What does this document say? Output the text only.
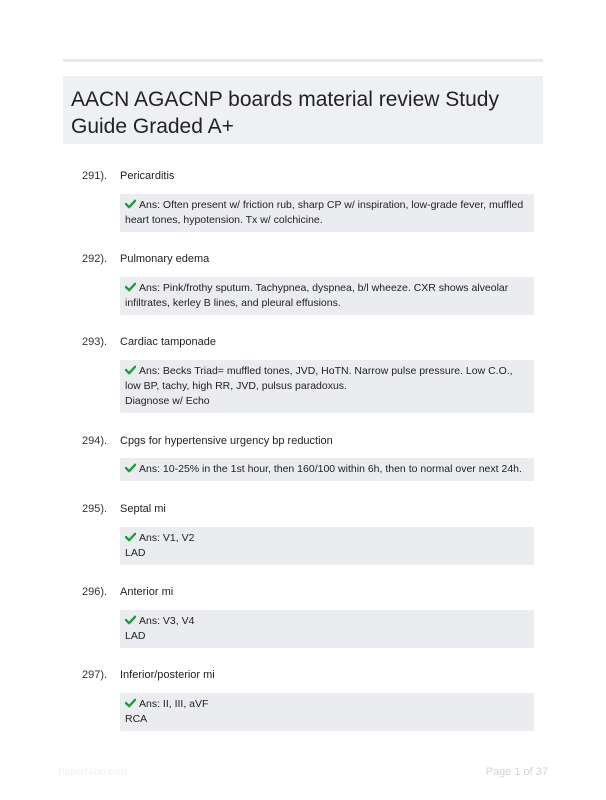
AACN AGACNP boards material review Study Guide Graded A+
291). Pericarditis
Ans: Often present w/ friction rub, sharp CP w/ inspiration, low-grade fever, muffled heart tones, hypotension. Tx w/ colchicine.
292). Pulmonary edema
Ans: Pink/frothy sputum. Tachypnea, dyspnea, b/l wheeze. CXR shows alveolar infiltrates, kerley B lines, and pleural effusions.
293). Cardiac tamponade
Ans: Becks Triad= muffled tones, JVD, HoTN. Narrow pulse pressure. Low C.O., low BP, tachy, high RR, JVD, pulsus paradoxus.
Diagnose w/ Echo
294). Cpgs for hypertensive urgency bp reduction
Ans: 10-25% in the 1st hour, then 160/100 within 6h, then to normal over next 24h.
295). Septal mi
Ans: V1, V2
LAD
296). Anterior mi
Ans: V3, V4
LAD
297). Inferior/posterior mi
Ans: II, III, aVF
RCA
PaperNibb.com	Page 1 of 37
